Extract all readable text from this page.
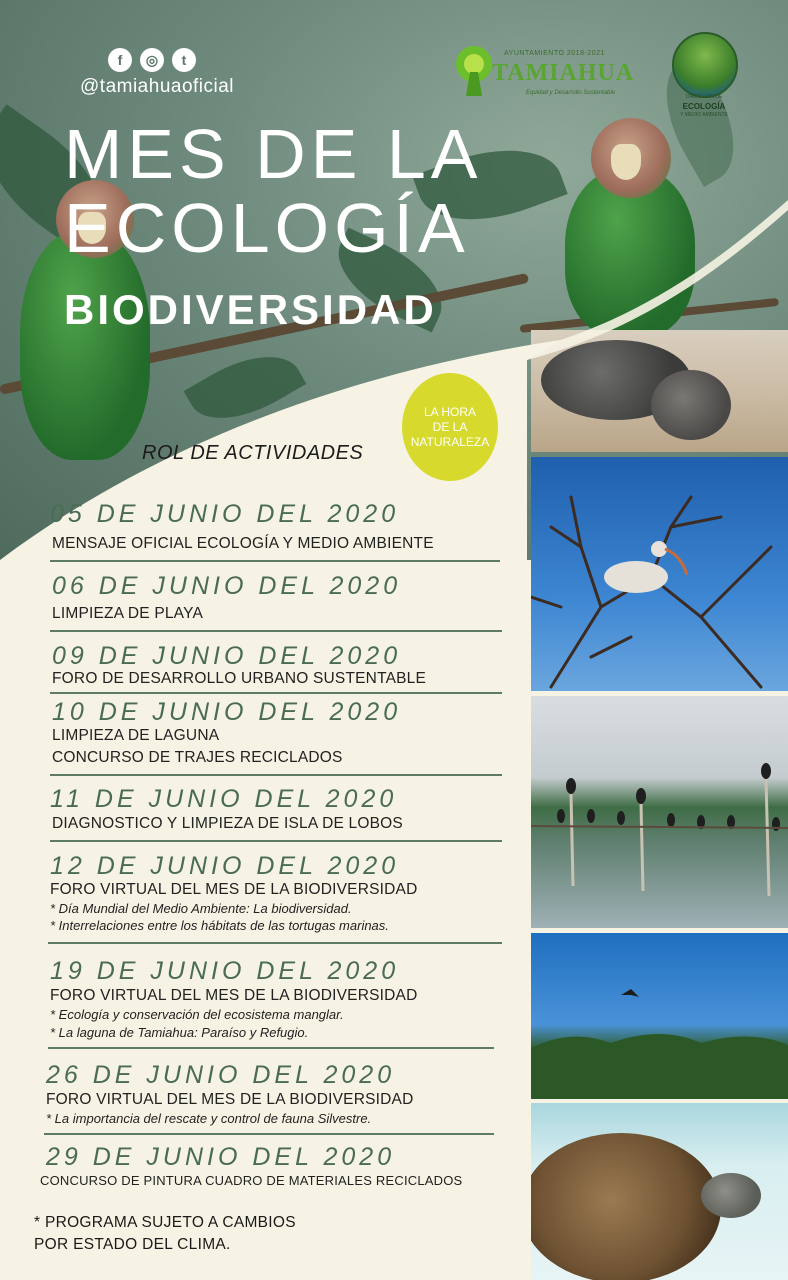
f	◎	t
@tamiahuaoficial
MES DE LA
ECOLOGÍA
BIODIVERSIDAD
AYUNTAMIENTO 2018-2021
TAMIAHUA
Equidad y Desarrollo Sustentable
DIRECCIÓN DE
ECOLOGÍA
Y MEDIO AMBIENTE
LA HORA
DE LA
NATURALEZA
ROL DE ACTIVIDADES
05 DE JUNIO DEL 2020
MENSAJE OFICIAL ECOLOGÍA Y MEDIO AMBIENTE
06 DE JUNIO DEL 2020
LIMPIEZA DE PLAYA
09 DE JUNIO DEL 2020
FORO DE DESARROLLO URBANO SUSTENTABLE
10 DE JUNIO DEL 2020
LIMPIEZA DE LAGUNA
CONCURSO DE TRAJES RECICLADOS
11 DE JUNIO DEL 2020
DIAGNOSTICO Y LIMPIEZA DE ISLA DE LOBOS
12 DE JUNIO DEL 2020
FORO VIRTUAL DEL MES DE LA BIODIVERSIDAD
* Día Mundial del Medio Ambiente: La biodiversidad.
* Interrelaciones entre los hábitats de las tortugas marinas.
19 DE JUNIO DEL 2020
FORO VIRTUAL DEL MES DE LA BIODIVERSIDAD
* Ecología y conservación del ecosistema manglar.
* La laguna de Tamiahua: Paraíso y Refugio.
26 DE JUNIO DEL 2020
FORO VIRTUAL DEL MES DE LA BIODIVERSIDAD
* La importancia del rescate y control de fauna Silvestre.
29 DE JUNIO DEL 2020
CONCURSO DE PINTURA CUADRO DE MATERIALES RECICLADOS
* PROGRAMA SUJETO A CAMBIOS
POR ESTADO DEL CLIMA.
